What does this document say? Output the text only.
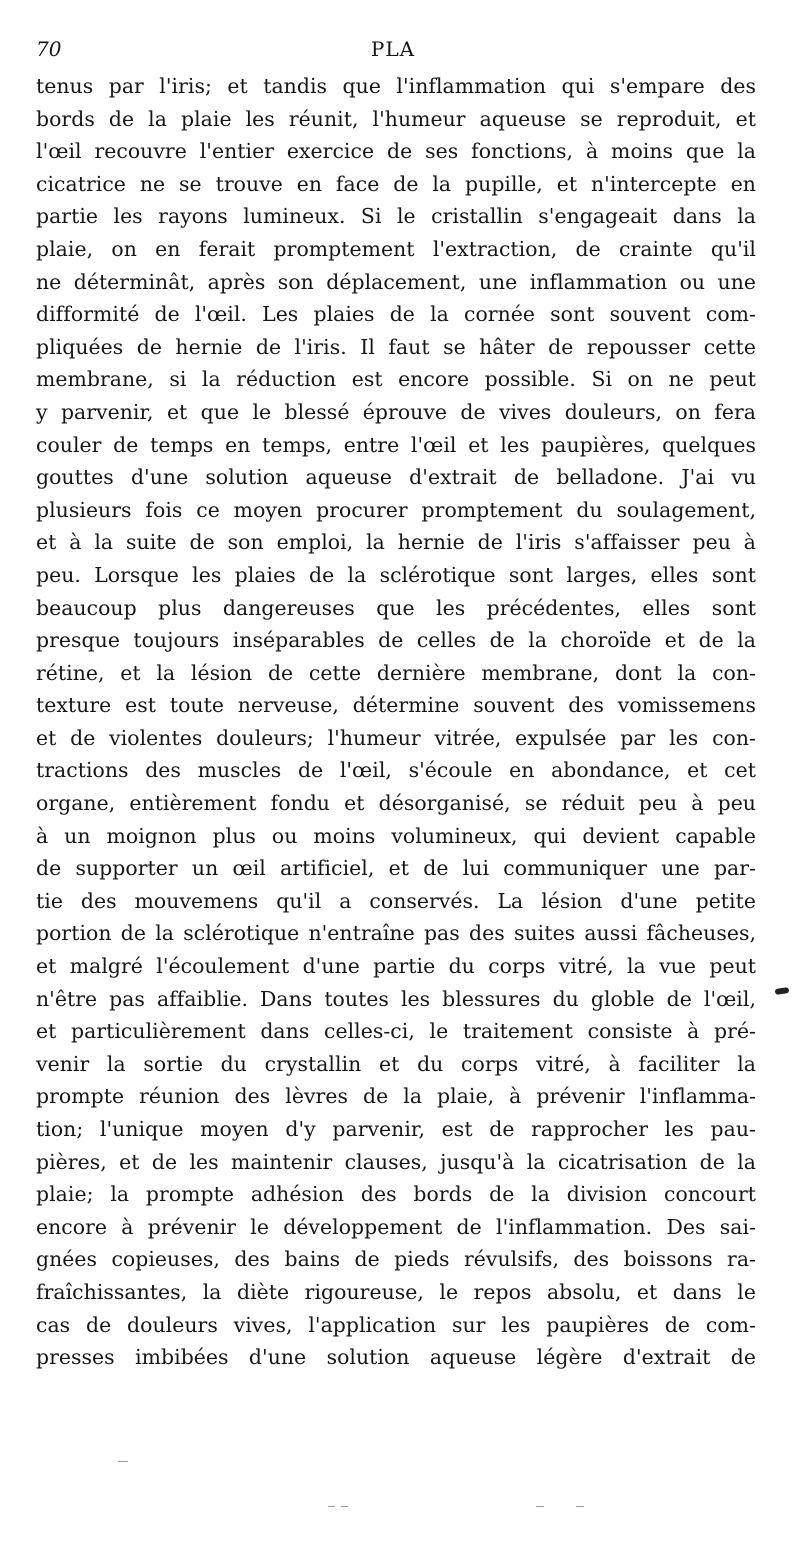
70	PLA
tenus par l'iris; et tandis que l'inflammation qui s'empare des
bords de la plaie les réunit, l'humeur aqueuse se reproduit, et
l'œil recouvre l'entier exercice de ses fonctions, à moins que la
cicatrice ne se trouve en face de la pupille, et n'intercepte en
partie les rayons lumineux. Si le cristallin s'engageait dans la
plaie, on en ferait promptement l'extraction, de crainte qu'il
ne déterminât, après son déplacement, une inflammation ou une
difformité de l'œil. Les plaies de la cornée sont souvent com-
pliquées de hernie de l'iris. Il faut se hâter de repousser cette
membrane, si la réduction est encore possible. Si on ne peut
y parvenir, et que le blessé éprouve de vives douleurs, on fera
couler de temps en temps, entre l'œil et les paupières, quelques
gouttes d'une solution aqueuse d'extrait de belladone. J'ai vu
plusieurs fois ce moyen procurer promptement du soulagement,
et à la suite de son emploi, la hernie de l'iris s'affaisser peu à
peu. Lorsque les plaies de la sclérotique sont larges, elles sont
beaucoup plus dangereuses que les précédentes, elles sont
presque toujours inséparables de celles de la choroïde et de la
rétine, et la lésion de cette dernière membrane, dont la con-
texture est toute nerveuse, détermine souvent des vomissemens
et de violentes douleurs; l'humeur vitrée, expulsée par les con-
tractions des muscles de l'œil, s'écoule en abondance, et cet
organe, entièrement fondu et désorganisé, se réduit peu à peu
à un moignon plus ou moins volumineux, qui devient capable
de supporter un œil artificiel, et de lui communiquer une par-
tie des mouvemens qu'il a conservés. La lésion d'une petite
portion de la sclérotique n'entraîne pas des suites aussi fâcheuses,
et malgré l'écoulement d'une partie du corps vitré, la vue peut
n'être pas affaiblie. Dans toutes les blessures du globle de l'œil,
et particulièrement dans celles-ci, le traitement consiste à pré-
venir la sortie du crystallin et du corps vitré, à faciliter la
prompte réunion des lèvres de la plaie, à prévenir l'inflamma-
tion; l'unique moyen d'y parvenir, est de rapprocher les pau-
pières, et de les maintenir clauses, jusqu'à la cicatrisation de la
plaie; la prompte adhésion des bords de la division concourt
encore à prévenir le développement de l'inflammation. Des sai-
gnées copieuses, des bains de pieds révulsifs, des boissons ra-
fraîchissantes, la diète rigoureuse, le repos absolu, et dans le
cas de douleurs vives, l'application sur les paupières de com-
presses imbibées d'une solution aqueuse légère d'extrait de
